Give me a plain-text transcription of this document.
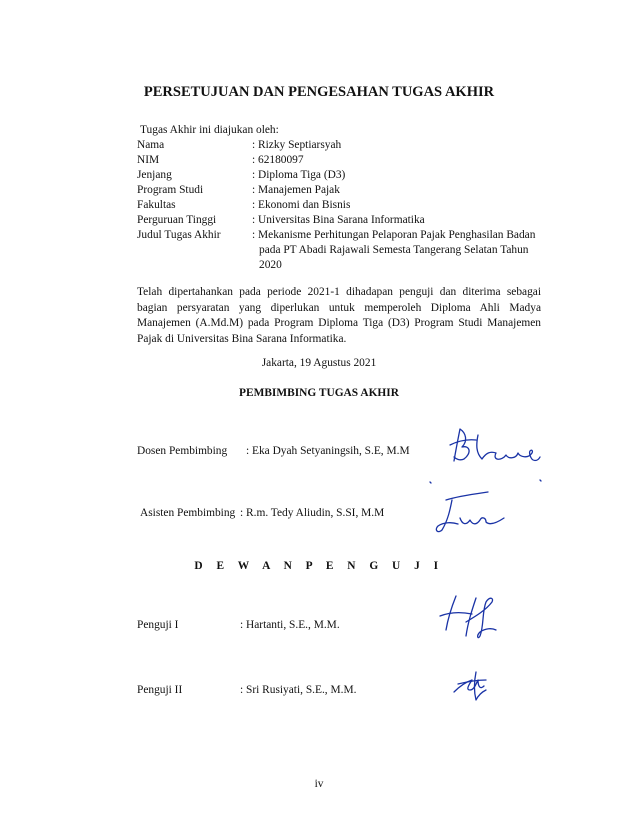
PERSETUJUAN DAN PENGESAHAN TUGAS AKHIR
Tugas Akhir ini diajukan oleh:
Nama	: Rizky Septiarsyah
NIM	: 62180097
Jenjang	: Diploma Tiga (D3)
Program Studi	: Manajemen Pajak
Fakultas	: Ekonomi dan Bisnis
Perguruan Tinggi	: Universitas Bina Sarana Informatika
Judul Tugas Akhir	: Mekanisme Perhitungan Pelaporan Pajak Penghasilan Badan
pada PT Abadi Rajawali Semesta Tangerang Selatan Tahun
2020
Telah dipertahankan pada periode 2021-1 dihadapan penguji dan diterima sebagai
bagian persyaratan yang diperlukan untuk memperoleh Diploma Ahli Madya
Manajemen (A.Md.M) pada Program Diploma Tiga (D3) Program Studi Manajemen
Pajak di Universitas Bina Sarana Informatika.
Jakarta, 19 Agustus 2021
PEMBIMBING TUGAS AKHIR
Dosen Pembimbing : Eka Dyah Setyaningsih, S.E, M.M
Asisten Pembimbing : R.m. Tedy Aliudin, S.SI, M.M
D E W A N P E N G U J I
Penguji I	: Hartanti, S.E., M.M.
Penguji II	: Sri Rusiyati, S.E., M.M.
iv
